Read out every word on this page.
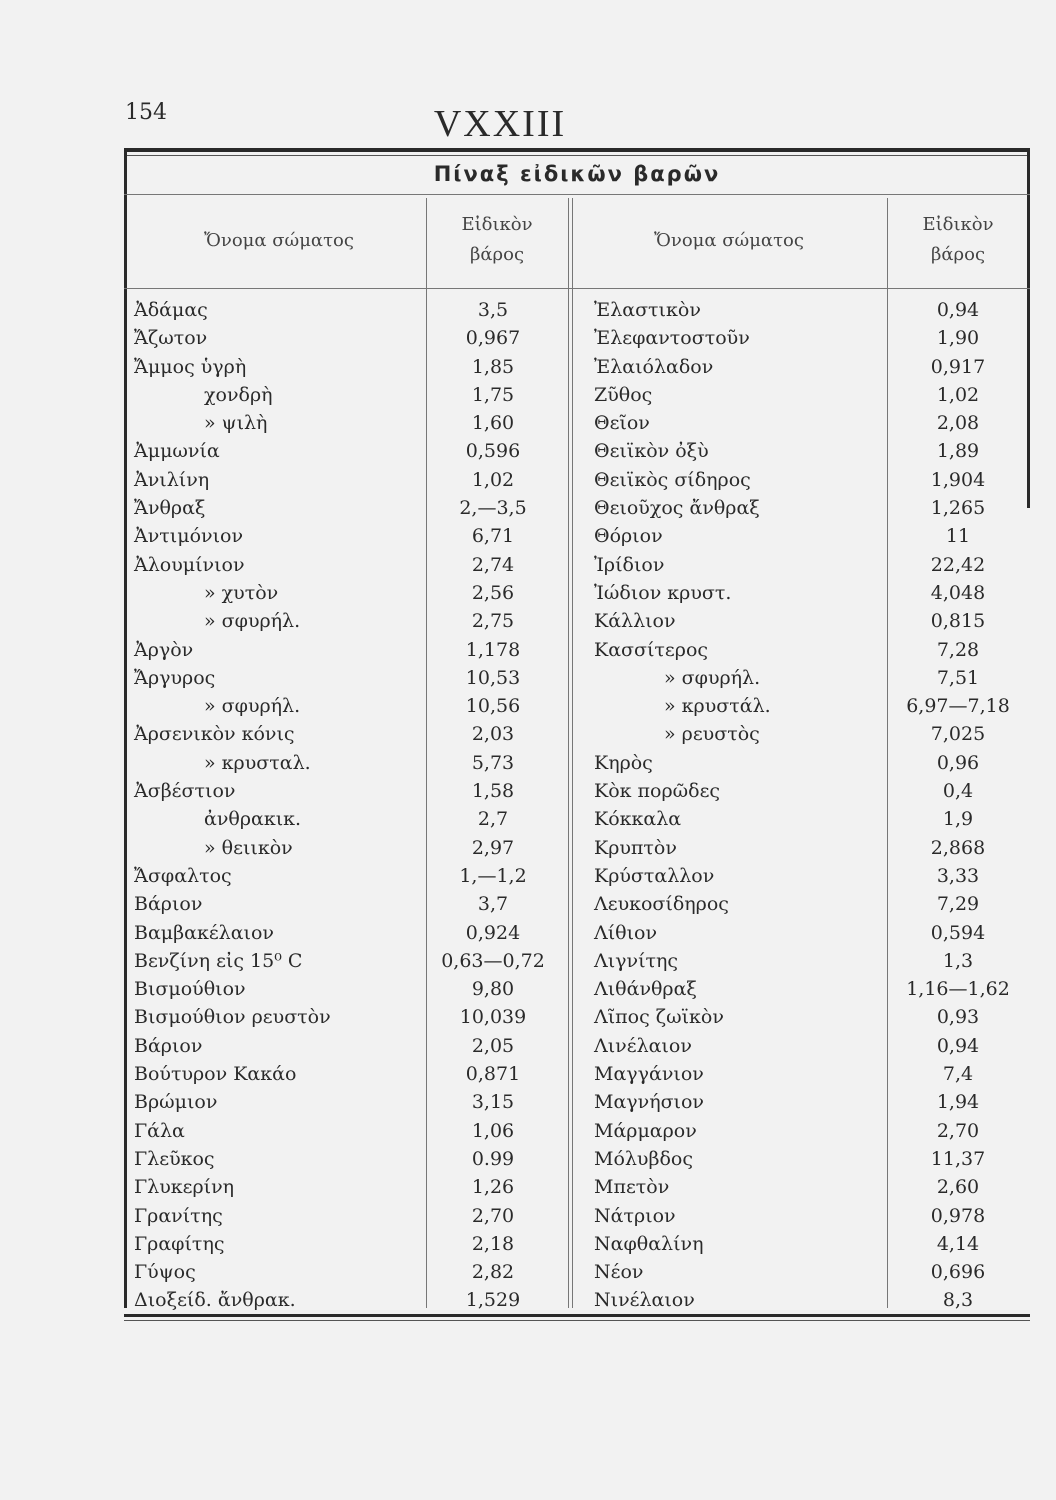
154	VXXIII
Πίναξ εἰδικῶν βαρῶν
Ὄνομα σώματος
Εἰδικὸν
βάρος
Ὄνομα σώματος
Εἰδικὸν
βάρος
Ἀδάμας
Ἄζωτον
Ἄμμος ὑγρὴ
χονδρὴ
» ψιλὴ
Ἀμμωνία
Ἀνιλίνη
Ἄνθραξ
Ἀντιμόνιον
Ἀλουμίνιον
» χυτὸν
» σφυρήλ.
Ἀργὸν
Ἄργυρος
» σφυρήλ.
Ἀρσενικὸν κόνις
» κρυσταλ.
Ἀσβέστιον
ἀνθρακικ.
» θειικὸν
Ἄσφαλτος
Βάριον
Βαμβακέλαιον
Βενζίνη εἰς 15⁰ C
Βισμούθιον
Βισμούθιον ρευστὸν
Βάριον
Βούτυρον Κακάο
Βρώμιον
Γάλα
Γλεῦκος
Γλυκερίνη
Γρανίτης
Γραφίτης
Γύψος
Διοξείδ. ἄνθρακ.
3,5
0,967
1,85
1,75
1,60
0,596
1,02
2,—3,5
6,71
2,74
2,56
2,75
1,178
10,53
10,56
2,03
5,73
1,58
2,7
2,97
1,—1,2
3,7
0,924
0,63—0,72
9,80
10,039
2,05
0,871
3,15
1,06
0.99
1,26
2,70
2,18
2,82
1,529
Ἐλαστικὸν
Ἐλεφαντοστοῦν
Ἐλαιόλαδον
Ζῦθος
Θεῖον
Θειϊκὸν ὀξὺ
Θειϊκὸς σίδηρος
Θειοῦχος ἄνθραξ
Θόριον
Ἰρίδιον
Ἰώδιον κρυστ.
Κάλλιον
Κασσίτερος
» σφυρήλ.
» κρυστάλ.
» ρευστὸς
Κηρὸς
Κὸκ πορῶδες
Κόκκαλα
Κρυπτὸν
Κρύσταλλον
Λευκοσίδηρος
Λίθιον
Λιγνίτης
Λιθάνθραξ
Λῖπος ζωϊκὸν
Λινέλαιον
Μαγγάνιον
Μαγνήσιον
Μάρμαρον
Μόλυβδος
Μπετὸν
Νάτριον
Ναφθαλίνη
Νέον
Νινέλαιον
0,94
1,90
0,917
1,02
2,08
1,89
1,904
1,265
11
22,42
4,048
0,815
7,28
7,51
6,97—7,18
7,025
0,96
0,4
1,9
2,868
3,33
7,29
0,594
1,3
1,16—1,62
0,93
0,94
7,4
1,94
2,70
11,37
2,60
0,978
4,14
0,696
8,3
